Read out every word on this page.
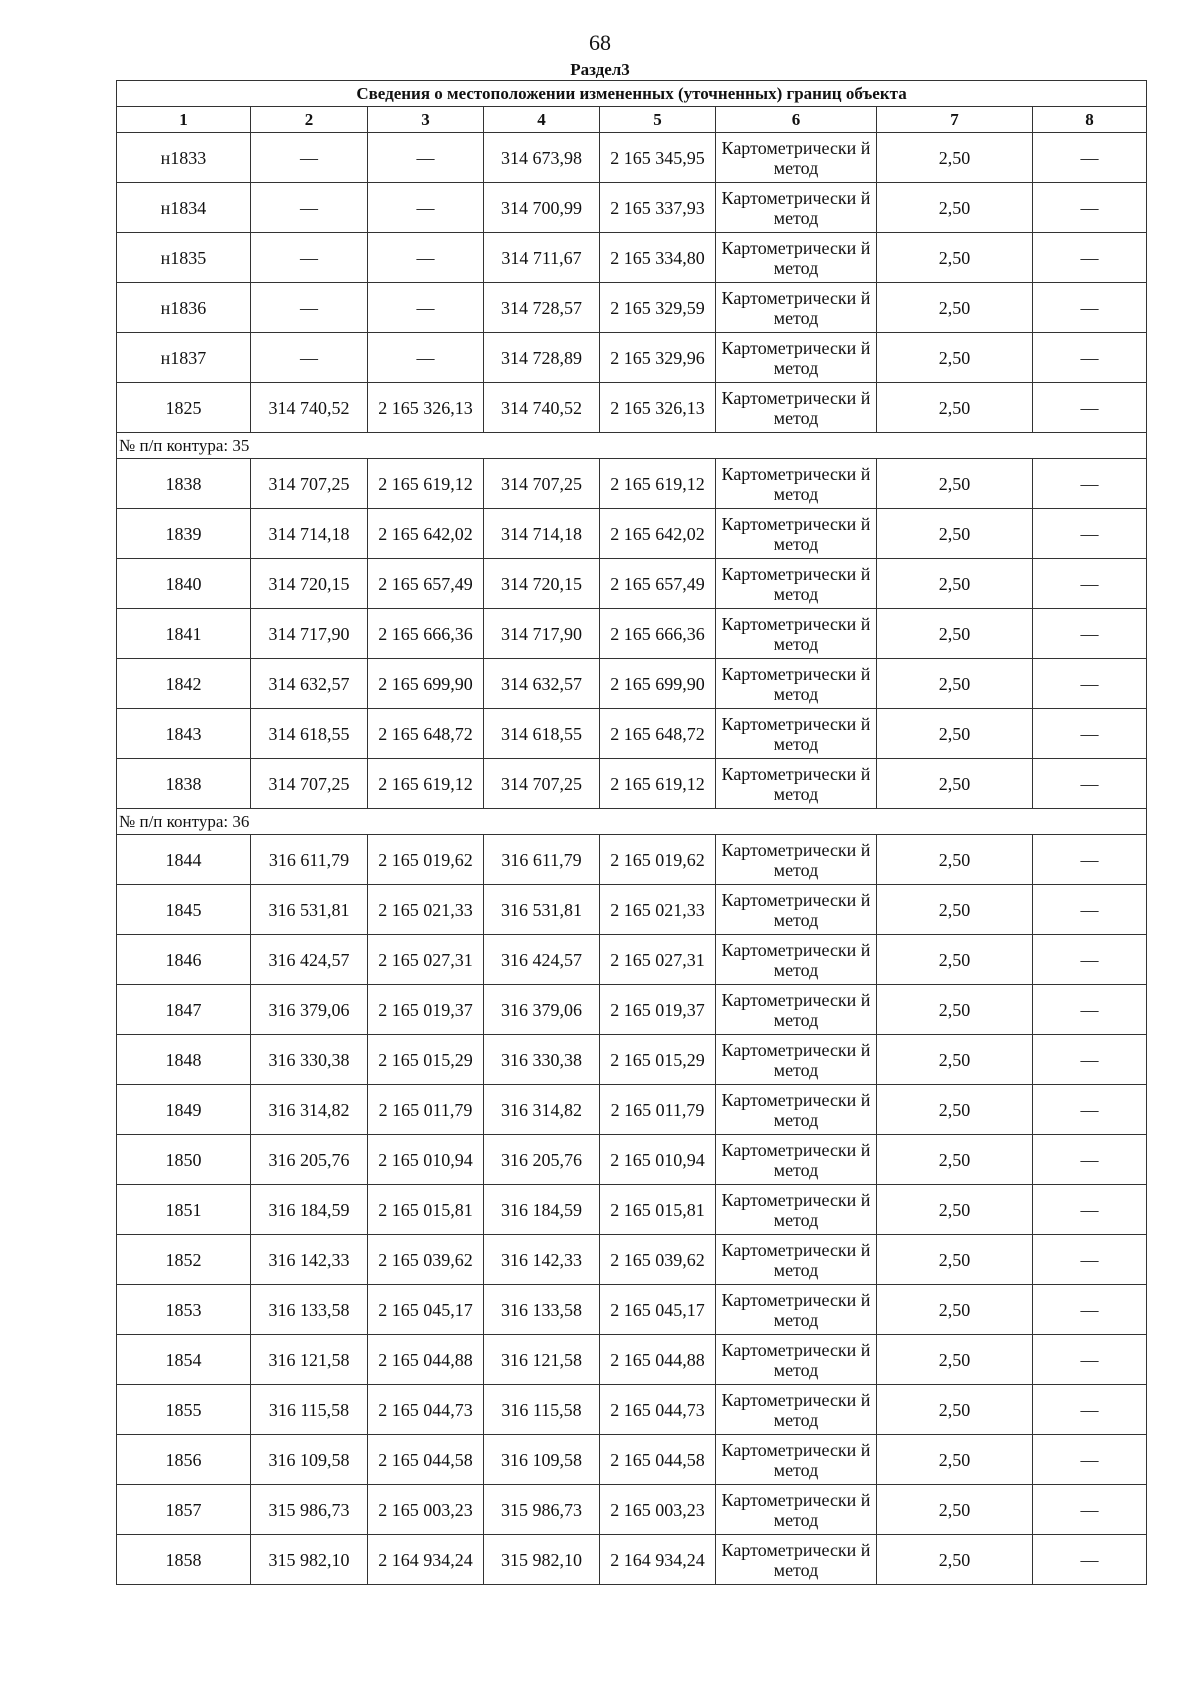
68
Раздел3
Сведения о местоположении измененных (уточненных) границ объекта							
1	2	3	4	5	6	7	8
н1833	—	—	314 673,98	2 165 345,95	Картометрически й метод	2,50	—
н1834	—	—	314 700,99	2 165 337,93	Картометрически й метод	2,50	—
н1835	—	—	314 711,67	2 165 334,80	Картометрически й метод	2,50	—
н1836	—	—	314 728,57	2 165 329,59	Картометрически й метод	2,50	—
н1837	—	—	314 728,89	2 165 329,96	Картометрически й метод	2,50	—
1825	314 740,52	2 165 326,13	314 740,52	2 165 326,13	Картометрически й метод	2,50	—
№ п/п контура: 35							
1838	314 707,25	2 165 619,12	314 707,25	2 165 619,12	Картометрически й метод	2,50	—
1839	314 714,18	2 165 642,02	314 714,18	2 165 642,02	Картометрически й метод	2,50	—
1840	314 720,15	2 165 657,49	314 720,15	2 165 657,49	Картометрически й метод	2,50	—
1841	314 717,90	2 165 666,36	314 717,90	2 165 666,36	Картометрически й метод	2,50	—
1842	314 632,57	2 165 699,90	314 632,57	2 165 699,90	Картометрически й метод	2,50	—
1843	314 618,55	2 165 648,72	314 618,55	2 165 648,72	Картометрически й метод	2,50	—
1838	314 707,25	2 165 619,12	314 707,25	2 165 619,12	Картометрически й метод	2,50	—
№ п/п контура: 36							
1844	316 611,79	2 165 019,62	316 611,79	2 165 019,62	Картометрически й метод	2,50	—
1845	316 531,81	2 165 021,33	316 531,81	2 165 021,33	Картометрически й метод	2,50	—
1846	316 424,57	2 165 027,31	316 424,57	2 165 027,31	Картометрически й метод	2,50	—
1847	316 379,06	2 165 019,37	316 379,06	2 165 019,37	Картометрически й метод	2,50	—
1848	316 330,38	2 165 015,29	316 330,38	2 165 015,29	Картометрически й метод	2,50	—
1849	316 314,82	2 165 011,79	316 314,82	2 165 011,79	Картометрически й метод	2,50	—
1850	316 205,76	2 165 010,94	316 205,76	2 165 010,94	Картометрически й метод	2,50	—
1851	316 184,59	2 165 015,81	316 184,59	2 165 015,81	Картометрически й метод	2,50	—
1852	316 142,33	2 165 039,62	316 142,33	2 165 039,62	Картометрически й метод	2,50	—
1853	316 133,58	2 165 045,17	316 133,58	2 165 045,17	Картометрически й метод	2,50	—
1854	316 121,58	2 165 044,88	316 121,58	2 165 044,88	Картометрически й метод	2,50	—
1855	316 115,58	2 165 044,73	316 115,58	2 165 044,73	Картометрически й метод	2,50	—
1856	316 109,58	2 165 044,58	316 109,58	2 165 044,58	Картометрически й метод	2,50	—
1857	315 986,73	2 165 003,23	315 986,73	2 165 003,23	Картометрически й метод	2,50	—
1858	315 982,10	2 164 934,24	315 982,10	2 164 934,24	Картометрически й метод	2,50	—
